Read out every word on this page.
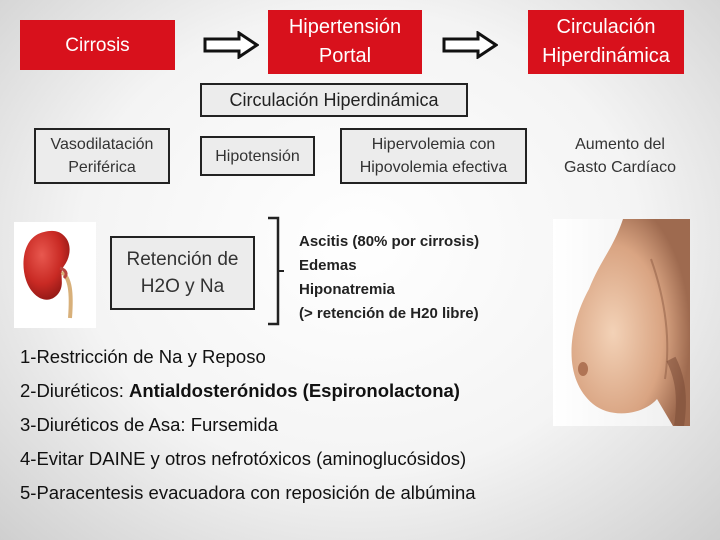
Cirrosis
Hipertensión
Portal
Circulación
Hiperdinámica
Circulación Hiperdinámica
Vasodilatación
Periférica
Hipotensión
Hipervolemia con
Hipovolemia efectiva
Aumento del
Gasto Cardíaco
Retención de
H2O y Na
Ascitis (80% por cirrosis)
Edemas
Hiponatremia
(> retención de H20 libre)
1-Restricción de Na y Reposo
2-Diuréticos: Antialdosterónidos (Espironolactona)
3-Diuréticos de Asa: Fursemida
4-Evitar DAINE y otros nefrotóxicos (aminoglucósidos)
5-Paracentesis evacuadora con reposición de albúmina
